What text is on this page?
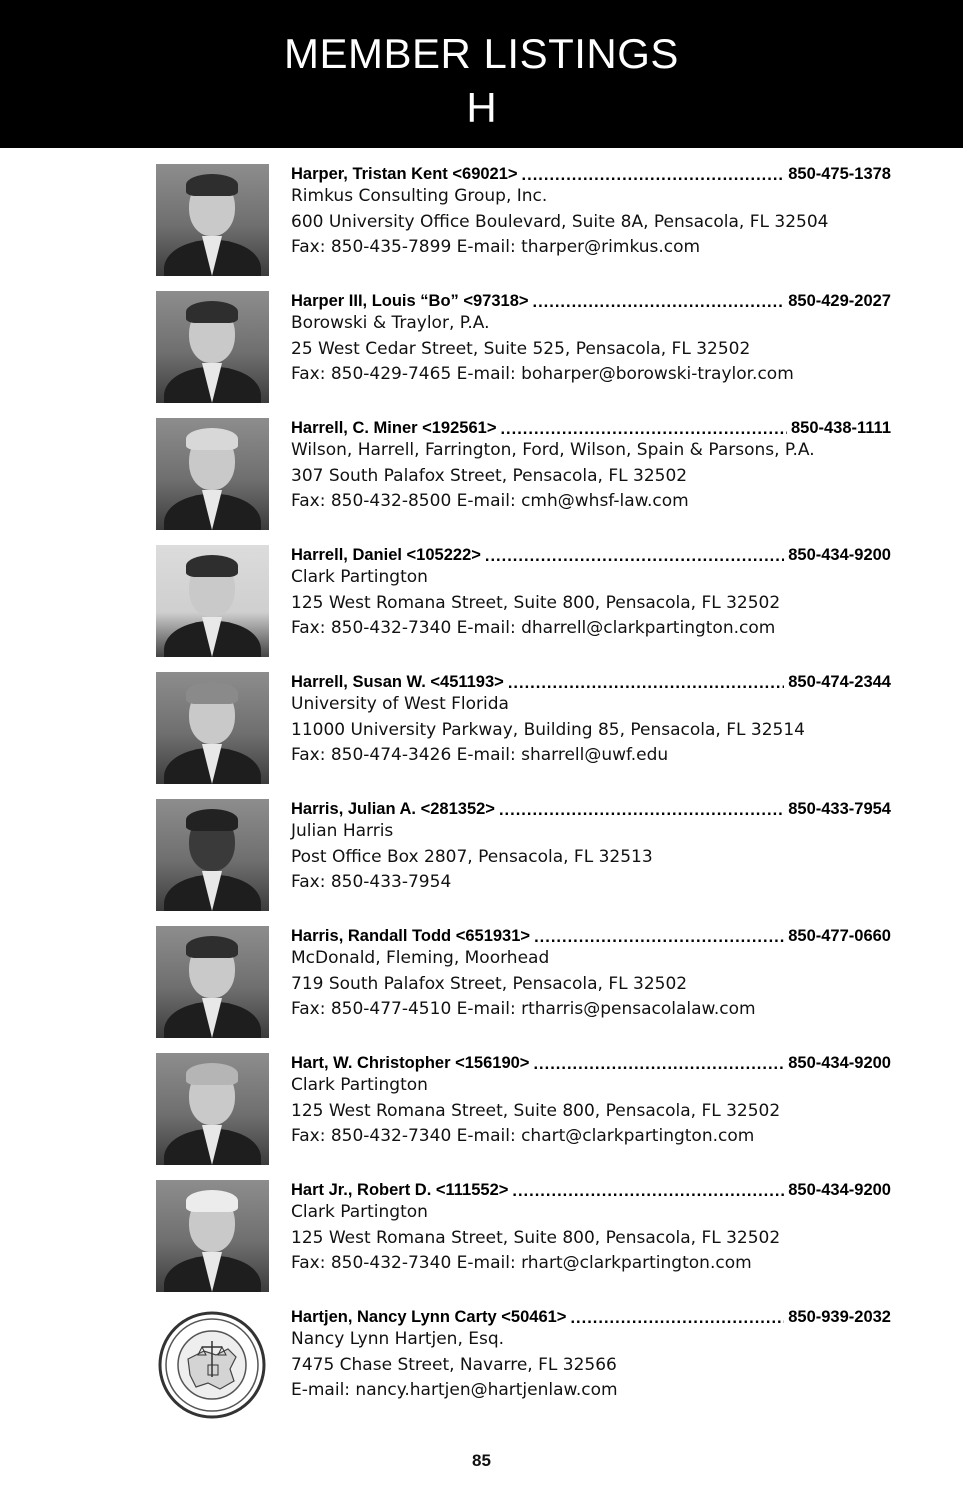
MEMBER LISTINGS
H
Harper, Tristan Kent <69021> .....	850-475-1378
Rimkus Consulting Group, Inc.
600 University Office Boulevard, Suite 8A, Pensacola, FL 32504
Fax: 850-435-7899 E-mail: tharper@rimkus.com
Harper III, Louis “Bo” <97318> .....	850-429-2027
Borowski & Traylor, P.A.
25 West Cedar Street, Suite 525, Pensacola, FL 32502
Fax: 850-429-7465 E-mail: boharper@borowski-traylor.com
Harrell, C. Miner <192561> .....	850-438-1111
Wilson, Harrell, Farrington, Ford, Wilson, Spain & Parsons, P.A.
307 South Palafox Street, Pensacola, FL 32502
Fax: 850-432-8500 E-mail: cmh@whsf-law.com
Harrell, Daniel <105222> .....	850-434-9200
Clark Partington
125 West Romana Street, Suite 800, Pensacola, FL 32502
Fax: 850-432-7340 E-mail: dharrell@clarkpartington.com
Harrell, Susan W. <451193> .....	850-474-2344
University of West Florida
11000 University Parkway, Building 85, Pensacola, FL 32514
Fax: 850-474-3426 E-mail: sharrell@uwf.edu
Harris, Julian A. <281352> .....	850-433-7954
Julian Harris
Post Office Box 2807, Pensacola, FL 32513
Fax: 850-433-7954
Harris, Randall Todd <651931> .....	850-477-0660
McDonald, Fleming, Moorhead
719 South Palafox Street, Pensacola, FL 32502
Fax: 850-477-4510 E-mail: rtharris@pensacolalaw.com
Hart, W. Christopher <156190> .....	850-434-9200
Clark Partington
125 West Romana Street, Suite 800, Pensacola, FL 32502
Fax: 850-432-7340 E-mail: chart@clarkpartington.com
Hart Jr., Robert D. <111552> .....	850-434-9200
Clark Partington
125 West Romana Street, Suite 800, Pensacola, FL 32502
Fax: 850-432-7340 E-mail: rhart@clarkpartington.com
Hartjen, Nancy Lynn Carty <50461> .....	850-939-2032
Nancy Lynn Hartjen, Esq.
7475 Chase Street, Navarre, FL 32566
E-mail: nancy.hartjen@hartjenlaw.com
85
